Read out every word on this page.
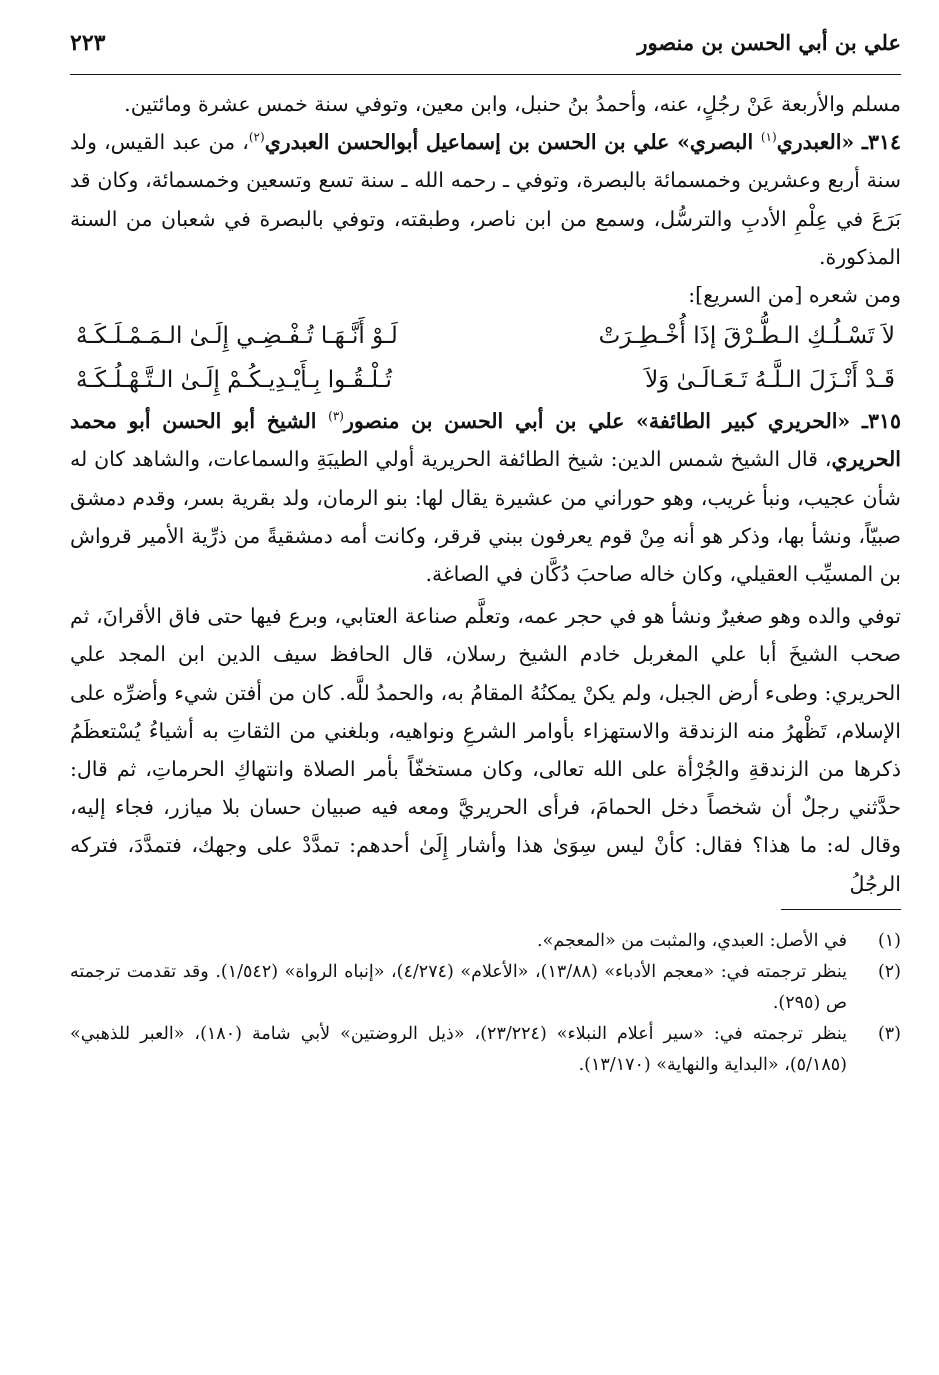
علي بن أبي الحسن بن منصور
٢٢٣

مسلم والأربعة عَنْ رجُلٍ، عنه، وأحمدُ بنُ حنبل، وابن معين، وتوفي سنة خمس عشرة ومائتين.

٣١٤ـ «العبدري$^{(١)}$ البصري» علي بن الحسن بن إسماعيل أبوالحسن العبدري$^{(٢)}$، من عبد القيس، ولد سنة أربع وعشرين وخمسمائة بالبصرة، وتوفي ـ رحمه الله ـ سنة تسع وتسعين وخمسمائة، وكان قد بَرَعَ في عِلْمِ الأدبِ والترسُّل، وسمع من ابن ناصر، وطبقته، وتوفي بالبصرة في شعبان من السنة المذكورة.

ومن شعره [من السريع]:

لاَ تَسْـلُـكِ الـطُّـرْقَ إذَا أُخْـطِـرَتْ
لَـوْ أَنَّـهَـا تُـفْـضِـي إِلَـىٰ الـمَـمْـلَـكَـهْ
قَـدْ أَنْـزَلَ الـلَّـهُ تَـعَـالَـىٰ وَلاَ
تُـلْـقُـوا بِـأَيْـدِيـكُـمْ إِلَـىٰ الـتَّـهْـلُـكَـهْ

٣١٥ـ «الحريري كبير الطائفة» علي بن أبي الحسن بن منصور$^{(٣)}$ الشيخ أبو الحسن أبو محمد الحريري، قال الشيخ شمس الدين: شيخ الطائفة الحريرية أولي الطيبَةِ والسماعات، والشاهد كان له شأن عجيب، ونبأ غريب، وهو حوراني من عشيرة يقال لها: بنو الرمان، ولد بقرية بسر، وقدم دمشق صبيّاً، ونشأ بها، وذكر هو أنه مِنْ قوم يعرفون ببني قرقر، وكانت أمه دمشقيةً من ذرِّية الأمير قرواش بن المسيِّب العقيلي، وكان خاله صاحبَ دُكَّان في الصاغة.

توفي والده وهو صغيرٌ ونشأ هو في حجر عمه، وتعلَّم صناعة العتابي، وبرع فيها حتى فاق الأقرانَ، ثم صحب الشيخَ أبا علي المغربل خادم الشيخ رسلان، قال الحافظ سيف الدين ابن المجد علي الحريري: وطىء أرض الجبل، ولم يكنْ يمكنُهُ المقامُ به، والحمدُ للَّه. كان من أفتن شيء وأضرِّه على الإسلام، تَظْهرُ منه الزندقة والاستهزاء بأوامر الشرعِ ونواهيه، وبلغني من الثقاتِ به أشياءُ يُسْتعظَمُ ذكرها من الزندقةِ والجُرْأة على الله تعالى، وكان مستخفّاً بأمر الصلاة وانتهاكِ الحرماتِ، ثم قال: حدَّثني رجلٌ أن شخصاً دخل الحمامَ، فرأى الحريريَّ ومعه فيه صبيان حسان بلا ميازر، فجاء إليه، وقال له: ما هذا؟ فقال: كأنْ ليس سِوَىٰ هذا وأشار إِلَىٰ أحدهم: تمدَّدْ على وجهك، فتمدَّدَ، فتركه الرجُلُ

(١)
في الأصل: العبدي، والمثبت من «المعجم».
(٢)
ينظر ترجمته في: «معجم الأدباء» (١٣/٨٨)، «الأعلام» (٤/٢٧٤)، «إنباه الرواة» (١/٥٤٢). وقد تقدمت ترجمته ص (٢٩٥).
(٣)
ينظر ترجمته في: «سير أعلام النبلاء» (٢٣/٢٢٤)، «ذيل الروضتين» لأبي شامة (١٨٠)، «العبر للذهبي» (٥/١٨٥)، «البداية والنهاية» (١٣/١٧٠).
